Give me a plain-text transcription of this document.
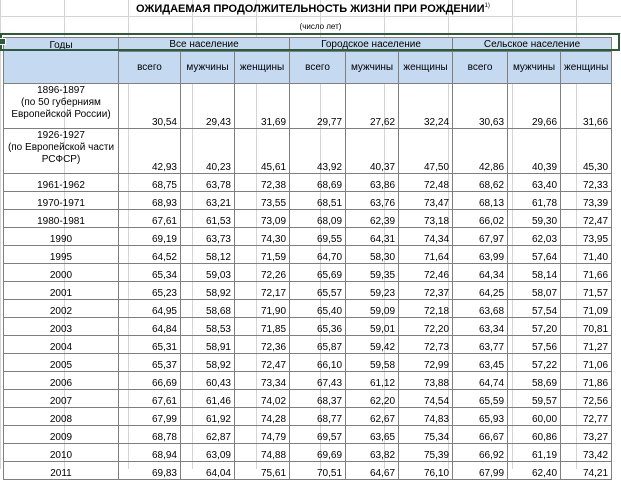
ОЖИДАЕМАЯ ПРОДОЛЖИТЕЛЬНОСТЬ ЖИЗНИ ПРИ РОЖДЕНИИ$^{1)}$
(число лет)
Годы	Все население			Городское население			Сельское население		
	всего	мужчины	женщины	всего	мужчины	женщины	всего	мужчины	женщины

1896-1897
(по 50 губерниям
Европейской России)	30,54	29,43	31,69	29,77	27,62	32,24	30,63	29,66	31,66

1926-1927
(по Европейской части
РСФСР)	42,93	40,23	45,61	43,92	40,37	47,50	42,86	40,39	45,30
1961-1962	68,75	63,78	72,38	68,69	63,86	72,48	68,62	63,40	72,33
1970-1971	68,93	63,21	73,55	68,51	63,76	73,47	68,13	61,78	73,39
1980-1981	67,61	61,53	73,09	68,09	62,39	73,18	66,02	59,30	72,47
1990	69,19	63,73	74,30	69,55	64,31	74,34	67,97	62,03	73,95
1995	64,52	58,12	71,59	64,70	58,30	71,64	63,99	57,64	71,40
2000	65,34	59,03	72,26	65,69	59,35	72,46	64,34	58,14	71,66
2001	65,23	58,92	72,17	65,57	59,23	72,37	64,25	58,07	71,57
2002	64,95	58,68	71,90	65,40	59,09	72,18	63,68	57,54	71,09
2003	64,84	58,53	71,85	65,36	59,01	72,20	63,34	57,20	70,81
2004	65,31	58,91	72,36	65,87	59,42	72,73	63,77	57,56	71,27
2005	65,37	58,92	72,47	66,10	59,58	72,99	63,45	57,22	71,06
2006	66,69	60,43	73,34	67,43	61,12	73,88	64,74	58,69	71,86
2007	67,61	61,46	74,02	68,37	62,20	74,54	65,59	59,57	72,56
2008	67,99	61,92	74,28	68,77	62,67	74,83	65,93	60,00	72,77
2009	68,78	62,87	74,79	69,57	63,65	75,34	66,67	60,86	73,27
2010	68,94	63,09	74,88	69,69	63,82	75,39	66,92	61,19	73,42
2011	69,83	64,04	75,61	70,51	64,67	76,10	67,99	62,40	74,21
